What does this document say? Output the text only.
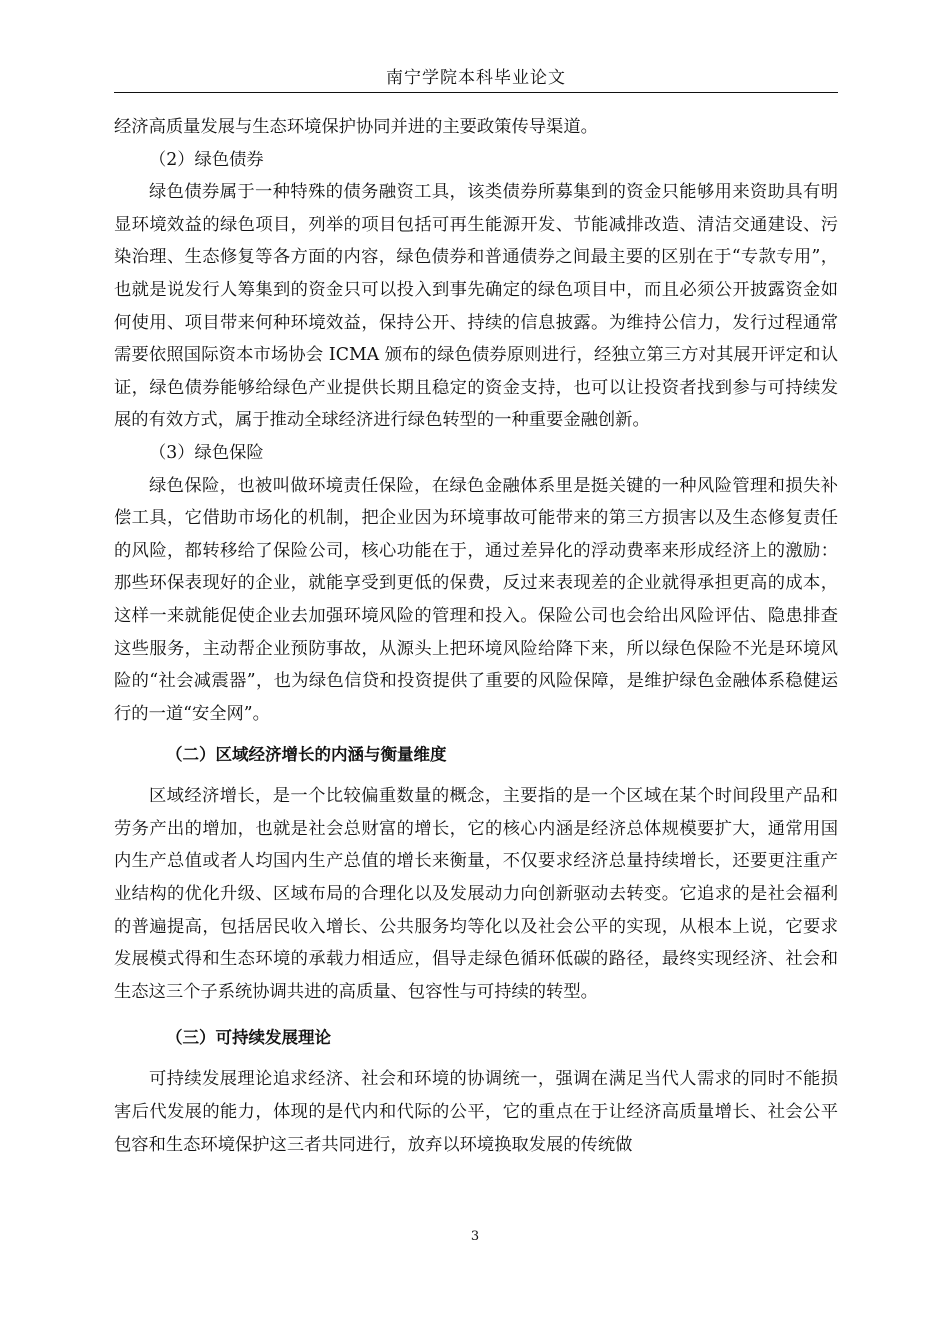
南宁学院本科毕业论文

经济高质量发展与生态环境保护协同并进的主要政策传导渠道。

（2）绿色债券

绿色债券属于一种特殊的债务融资工具，该类债券所募集到的资金只能够用来资助具有明显环境效益的绿色项目，列举的项目包括可再生能源开发、节能减排改造、清洁交通建设、污染治理、生态修复等各方面的内容，绿色债券和普通债券之间最主要的区别在于“专款专用”，也就是说发行人筹集到的资金只可以投入到事先确定的绿色项目中，而且必须公开披露资金如何使用、项目带来何种环境效益，保持公开、持续的信息披露。为维持公信力，发行过程通常需要依照国际资本市场协会 ICMA 颁布的绿色债券原则进行，经独立第三方对其展开评定和认证，绿色债券能够给绿色产业提供长期且稳定的资金支持，也可以让投资者找到参与可持续发展的有效方式，属于推动全球经济进行绿色转型的一种重要金融创新。

（3）绿色保险

绿色保险，也被叫做环境责任保险，在绿色金融体系里是挺关键的一种风险管理和损失补偿工具，它借助市场化的机制，把企业因为环境事故可能带来的第三方损害以及生态修复责任的风险，都转移给了保险公司，核心功能在于，通过差异化的浮动费率来形成经济上的激励：那些环保表现好的企业，就能享受到更低的保费，反过来表现差的企业就得承担更高的成本，这样一来就能促使企业去加强环境风险的管理和投入。保险公司也会给出风险评估、隐患排查这些服务，主动帮企业预防事故，从源头上把环境风险给降下来，所以绿色保险不光是环境风险的“社会减震器”，也为绿色信贷和投资提供了重要的风险保障，是维护绿色金融体系稳健运行的一道“安全网”。

（二）区域经济增长的内涵与衡量维度

区域经济增长，是一个比较偏重数量的概念，主要指的是一个区域在某个时间段里产品和劳务产出的增加，也就是社会总财富的增长，它的核心内涵是经济总体规模要扩大，通常用国内生产总值或者人均国内生产总值的增长来衡量，不仅要求经济总量持续增长，还要更注重产业结构的优化升级、区域布局的合理化以及发展动力向创新驱动去转变。它追求的是社会福利的普遍提高，包括居民收入增长、公共服务均等化以及社会公平的实现，从根本上说，它要求发展模式得和生态环境的承载力相适应，倡导走绿色循环低碳的路径，最终实现经济、社会和生态这三个子系统协调共进的高质量、包容性与可持续的转型。

（三）可持续发展理论

可持续发展理论追求经济、社会和环境的协调统一，强调在满足当代人需求的同时不能损害后代发展的能力，体现的是代内和代际的公平，它的重点在于让经济高质量增长、社会公平包容和生态环境保护这三者共同进行，放弃以环境换取发展的传统做

3
